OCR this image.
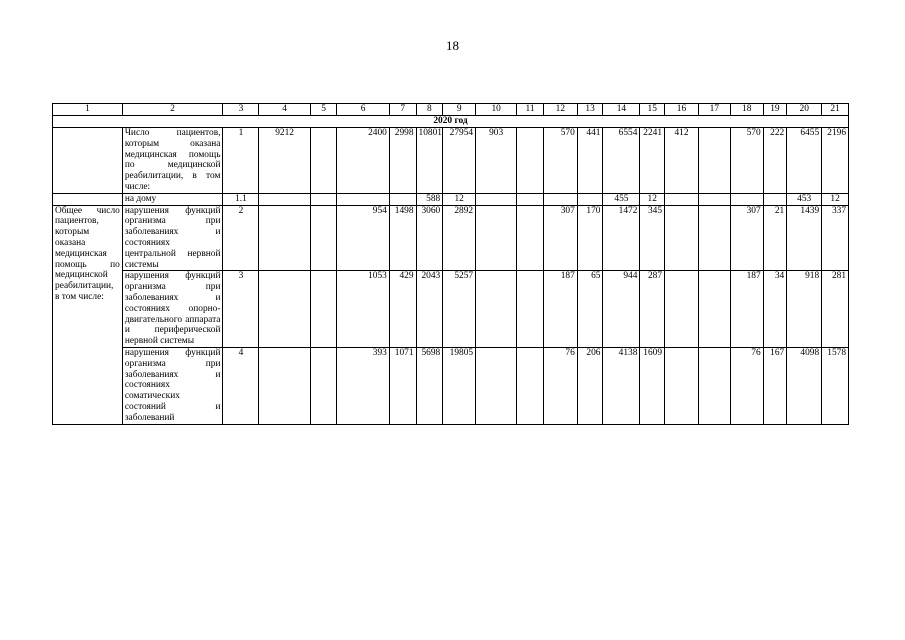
18
1	2	3	4	5	6	7	8	9	10	11	12	13	14	15	16	17	18	19	20	21
2020 год																				
	Число пациентов, которым оказана медицинская помощь по медицинской реабилитации, в том числе:	1	9212		2400	2998	10801	27954	903		570	441	6554	2241	412		570	222	6455	2196
	на дому	1.1					588	12					455	12					453	12
Общее число пациентов, которым оказана медицинская помощь по медицинской реабилитации, в том числе:	нарушения функций организма при заболеваниях и состояниях центральной нервной системы	2			954	1498	3060	2892			307	170	1472	345			307	21	1439	337
	нарушения функций организма при заболеваниях и состояниях опорно-двигательного аппарата и периферической нервной системы	3			1053	429	2043	5257			187	65	944	287			187	34	918	281
	нарушения функций организма при заболеваниях и состояниях соматических состояний и заболеваний	4			393	1071	5698	19805			76	206	4138	1609			76	167	4098	1578
